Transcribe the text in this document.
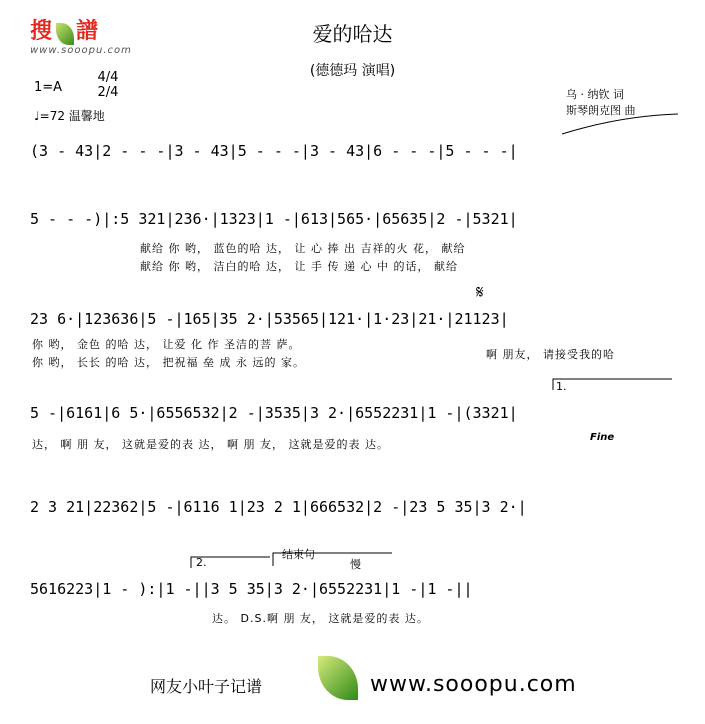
搜 譜
www.sooopu.com
爱的哈达
(德德玛 演唱)
1=A
4/4 2/4
♩=72 温馨地
乌 · 纳钦 词
斯琴朗克图 曲
(3 - 43|2 - - -|3 - 43|5 - - -|3 - 43|6 - - -|5 - - -|
5 - - -)|:5 321|236·|1323|1 -|613|565·|65635|2 -|5321|
献给 你 哟， 蓝色的哈 达， 让 心 捧 出 吉祥的火 花， 献给
献给 你 哟， 洁白的哈 达， 让 手 传 递 心 中 的话， 献给
𝄋
23 6·|123636|5 -|165|35 2·|53565|121·|1·23|21·|21123|
你 哟， 金色 的哈 达， 让爱 化 作 圣洁的菩 萨。
你 哟， 长长 的哈 达， 把祝福 垒 成 永 远的 家。
啊 朋友， 请接受我的哈
1.
5 -|6161|6 5·|6556532|2 -|3535|3 2·|6552231|1 -|(3321|
达， 啊 朋 友， 这就是爱的表 达， 啊 朋 友， 这就是爱的表 达。
Fine
2 3 21|22362|5 -|6116 1|23 2 1|666532|2 -|23 5 35|3 2·|
2.
结束句
慢
5616223|1 - ):|1 -||3 5 35|3 2·|6552231|1 -|1 -||
达。 D.S.啊 朋 友， 这就是爱的表 达。
网友小叶子记谱	www.sooopu.com
